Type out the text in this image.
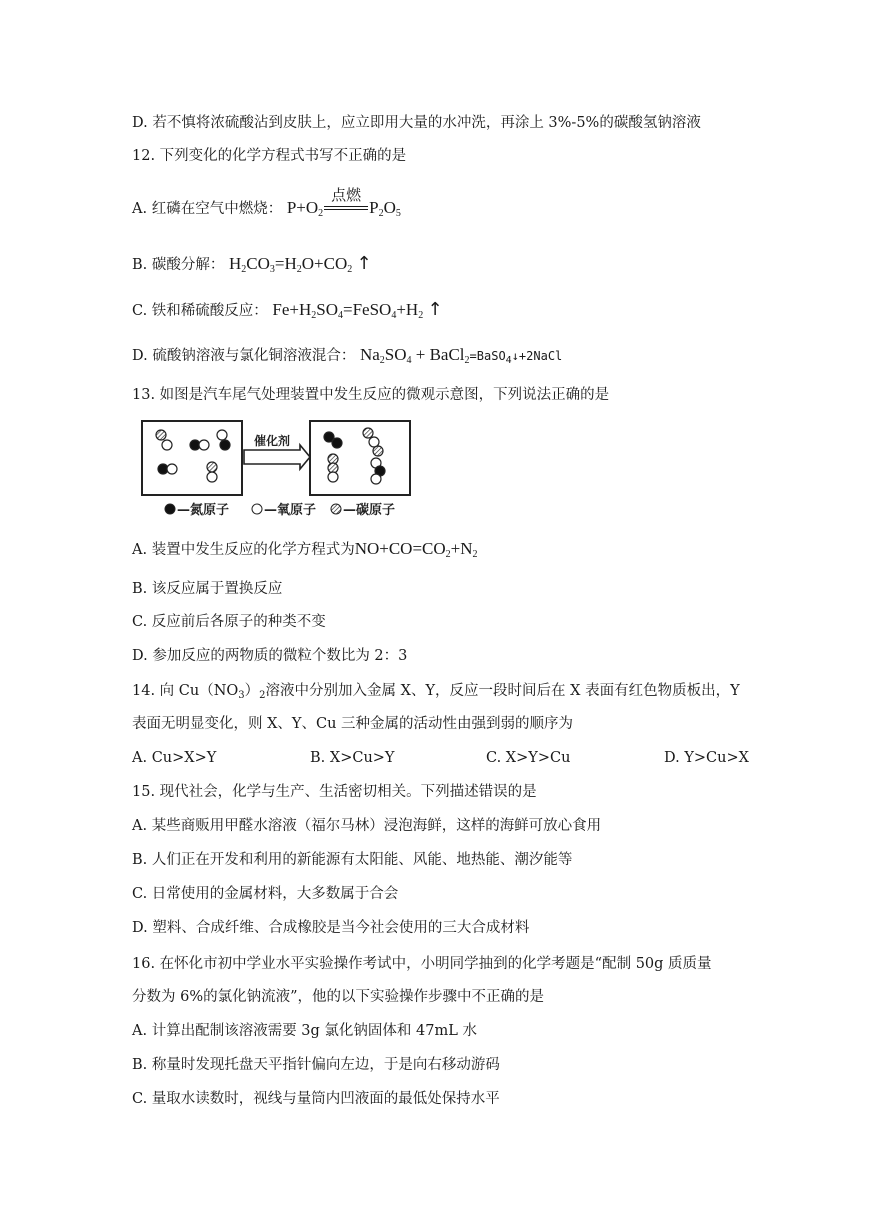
D. 若不慎将浓硫酸沾到皮肤上，应立即用大量的水冲洗，再涂上 3%-5%的碳酸氢钠溶液
12. 下列变化的化学方程式书写不正确的是
A. 红磷在空气中燃烧： $P+O_2$
点燃
$P_2O_5$
B. 碳酸分解： $H_2CO_3=H_2O+CO_2$ ↑
C. 铁和稀硫酸反应： $Fe+H_2SO_4=FeSO_4+H_2$ ↑
D. 硫酸钠溶液与氯化铜溶液混合： $Na_2SO_4$ + BaCl$_2$=BaSO$_4$↓+2NaCl
13. 如图是汽车尾气处理装置中发生反应的微观示意图，下列说法正确的是
催化剂
—氮原子	—氧原子 —碳原子
A. 装置中发生反应的化学方程式为$NO+CO=CO_2+N_2$
B. 该反应属于置换反应
C. 反应前后各原子的种类不变
D. 参加反应的两物质的微粒个数比为 2：3
14. 向 $Cu(NO_3)_2$溶液中分别加入金属 X、Y，反应一段时间后在 X 表面有红色物质板出，Y
表面无明显变化，则 X、Y、Cu 三种金属的活动性由强到弱的顺序为
A. Cu>X>Y	B. X>Cu>Y	C. X>Y>Cu	D. Y>Cu>X
15. 现代社会，化学与生产、生活密切相关。下列描述错误的是
A. 某些商贩用甲醛水溶液（福尔马林）浸泡海鲜，这样的海鲜可放心食用
B. 人们正在开发和利用的新能源有太阳能、风能、地热能、潮汐能等
C. 日常使用的金属材料，大多数属于合会
D. 塑料、合成纤维、合成橡胶是当今社会使用的三大合成材料
16. 在怀化市初中学业水平实验操作考试中，小明同学抽到的化学考题是“配制 50g 质质量
分数为 6%的氯化钠流液”，他的以下实验操作步骤中不正确的是
A. 计算出配制该溶液需要 3g 氯化钠固体和 47mL 水
B. 称量时发现托盘天平指针偏向左边，于是向右移动游码
C. 量取水读数时，视线与量筒内凹液面的最低处保持水平
